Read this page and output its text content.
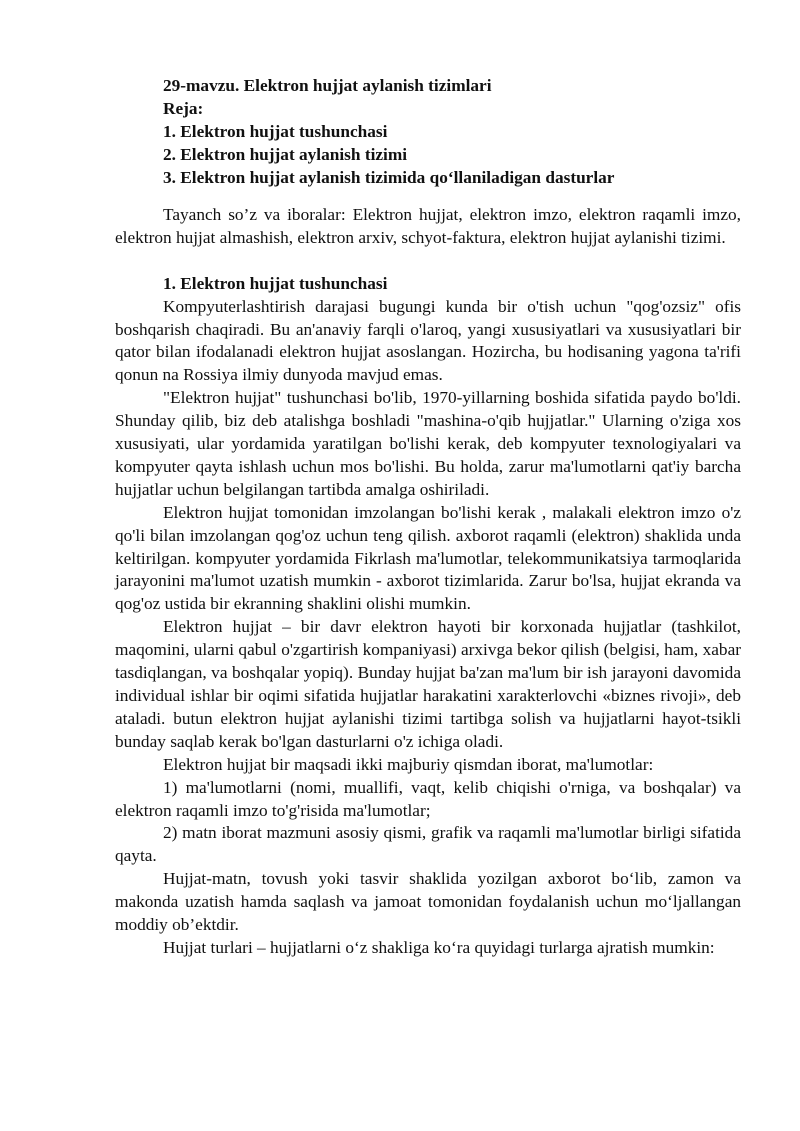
29-mavzu. Elektron hujjat aylanish tizimlari
Reja:
1. Elektron hujjat tushunchasi
2. Elektron hujjat aylanish tizimi
3. Elektron hujjat aylanish tizimida qo‘llaniladigan dasturlar

Tayanch so’z va iboralar: Elektron hujjat, elektron imzo, elektron raqamli imzo, elektron hujjat almashish, elektron arxiv, schyot-faktura, elektron hujjat aylanishi tizimi.

1. Elektron hujjat tushunchasi

Kompyuterlashtirish darajasi bugungi kunda bir o'tish uchun "qog'ozsiz" ofis boshqarish chaqiradi. Bu an'anaviy farqli o'laroq, yangi xususiyatlari va xususiyatlari bir qator bilan ifodalanadi elektron hujjat asoslangan. Hozircha, bu hodisaning yagona ta'rifi qonun na Rossiya ilmiy dunyoda mavjud emas.

"Elektron hujjat" tushunchasi bo'lib, 1970-yillarning boshida sifatida paydo bo'ldi. Shunday qilib, biz deb atalishga boshladi "mashina-o'qib hujjatlar." Ularning o'ziga xos xususiyati, ular yordamida yaratilgan bo'lishi kerak, deb kompyuter texnologiyalari va kompyuter qayta ishlash uchun mos bo'lishi. Bu holda, zarur ma'lumotlarni qat'iy barcha hujjatlar uchun belgilangan tartibda amalga oshiriladi.

Elektron hujjat tomonidan imzolangan bo'lishi kerak , malakali elektron imzo o'z qo'li bilan imzolangan qog'oz uchun teng qilish. axborot raqamli (elektron) shaklida unda keltirilgan. kompyuter yordamida Fikrlash ma'lumotlar, telekommunikatsiya tarmoqlarida jarayonini ma'lumot uzatish mumkin - axborot tizimlarida. Zarur bo'lsa, hujjat ekranda va qog'oz ustida bir ekranning shaklini olishi mumkin.

Elektron hujjat – bir davr elektron hayoti bir korxonada hujjatlar (tashkilot, maqomini, ularni qabul o'zgartirish kompaniyasi) arxivga bekor qilish (belgisi, ham, xabar tasdiqlangan, va boshqalar yopiq). Bunday hujjat ba'zan ma'lum bir ish jarayoni davomida individual ishlar bir oqimi sifatida hujjatlar harakatini xarakterlovchi «biznes rivoji», deb ataladi. butun elektron hujjat aylanishi tizimi tartibga solish va hujjatlarni hayot-tsikli bunday saqlab kerak bo'lgan dasturlarni o'z ichiga oladi.

Elektron hujjat bir maqsadi ikki majburiy qismdan iborat, ma'lumotlar:

1) ma'lumotlarni (nomi, muallifi, vaqt, kelib chiqishi o'rniga, va boshqalar) va elektron raqamli imzo to'g'risida ma'lumotlar;

2) matn iborat mazmuni asosiy qismi, grafik va raqamli ma'lumotlar birligi sifatida qayta.

Hujjat-matn, tovush yoki tasvir shaklida yozilgan axborot bo‘lib, zamon va makonda uzatish hamda saqlash va jamoat tomonidan foydalanish uchun mo‘ljallangan moddiy ob’ektdir.

Hujjat turlari – hujjatlarni o‘z shakliga ko‘ra quyidagi turlarga ajratish mumkin:
